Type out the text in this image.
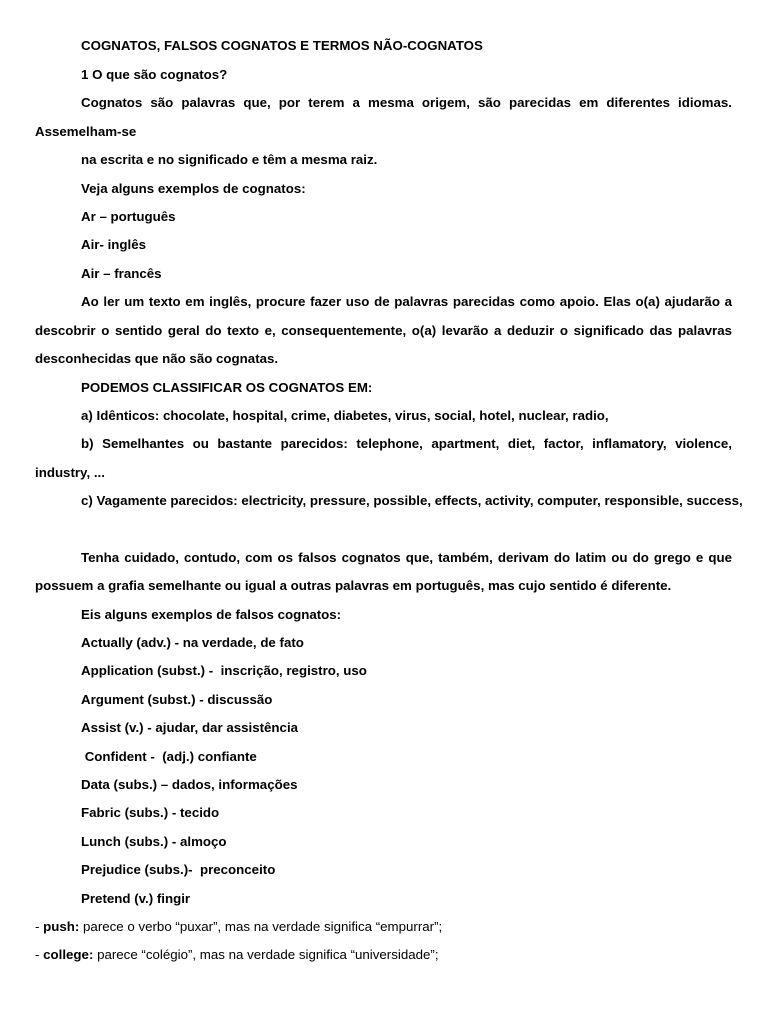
COGNATOS, FALSOS COGNATOS E TERMOS NÃO-COGNATOS
1 O que são cognatos?
Cognatos são palavras que, por terem a mesma origem, são parecidas em diferentes idiomas.
Assemelham-se
na escrita e no significado e têm a mesma raiz.
Veja alguns exemplos de cognatos:
Ar – português
Air- inglês
Air – francês
Ao ler um texto em inglês, procure fazer uso de palavras parecidas como apoio. Elas o(a) ajudarão a
descobrir o sentido geral do texto e, consequentemente, o(a) levarão a deduzir o significado das palavras
desconhecidas que não são cognatas.
PODEMOS CLASSIFICAR OS COGNATOS EM:
a) Idênticos: chocolate, hospital, crime, diabetes, virus, social, hotel, nuclear, radio,
b) Semelhantes ou bastante parecidos: telephone, apartment, diet, factor, inflamatory, violence,
industry, ...
c) Vagamente parecidos: electricity, pressure, possible, effects, activity, computer, responsible, success,
Tenha cuidado, contudo, com os falsos cognatos que, também, derivam do latim ou do grego e que
possuem a grafia semelhante ou igual a outras palavras em português, mas cujo sentido é diferente.
Eis alguns exemplos de falsos cognatos:
Actually (adv.) - na verdade, de fato
Application (subst.) -  inscrição, registro, uso
Argument (subst.) - discussão
Assist (v.) - ajudar, dar assistência
Confident -  (adj.) confiante
Data (subs.) – dados, informações
Fabric (subs.) - tecido
Lunch (subs.) - almoço
Prejudice (subs.)-  preconceito
Pretend (v.) fingir
- push: parece o verbo “puxar”, mas na verdade significa “empurrar”;
- college: parece “colégio”, mas na verdade significa “universidade”;
